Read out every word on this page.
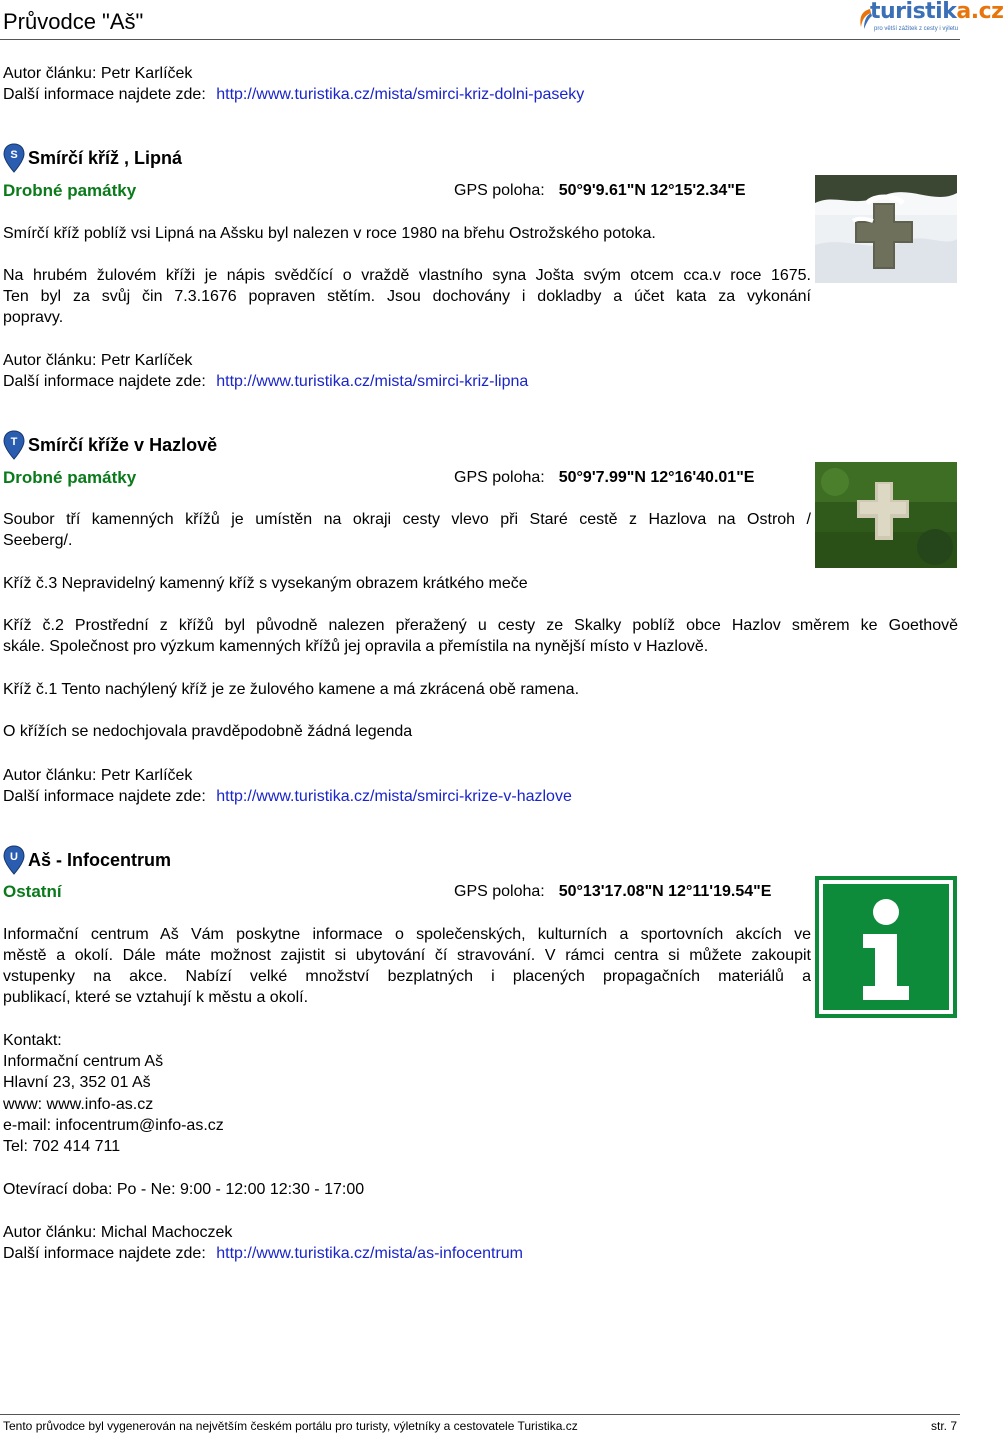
Průvodce "Aš"	turistika.cz
pro větší zážitek z cesty i výletu
Autor článku: Petr Karlíček
Další informace najdete zde: http://www.turistika.cz/mista/smirci-kriz-dolni-paseky
S Smírčí kříž , Lipná
Drobné památky	GPS poloha: 50°9'9.61"N 12°15'2.34"E
Smírčí kříž poblíž vsi Lipná na Ašsku byl nalezen v roce 1980 na břehu Ostrožského potoka.
Na hrubém žulovém kříži je nápis svědčící o vraždě vlastního syna Jošta svým otcem cca.v roce 1675.
Ten byl za svůj čin 7.3.1676 popraven stětím. Jsou dochovány i dokladby a účet kata za vykonání
popravy.
Autor článku: Petr Karlíček
Další informace najdete zde: http://www.turistika.cz/mista/smirci-kriz-lipna
T Smírčí kříže v Hazlově
Drobné památky	GPS poloha: 50°9'7.99"N 12°16'40.01"E
Soubor tří kamenných křížů je umístěn na okraji cesty vlevo při Staré cestě z Hazlova na Ostroh /
Seeberg/.
Kříž č.3 Nepravidelný kamenný kříž s vysekaným obrazem krátkého meče
Kříž č.2 Prostřední z křížů byl původně nalezen přeražený u cesty ze Skalky poblíž obce Hazlov směrem ke Goethově
skále. Společnost pro výzkum kamenných křížů jej opravila a přemístila na nynější místo v Hazlově.
Kříž č.1 Tento nachýlený kříž je ze žulového kamene a má zkrácená obě ramena.
O křížích se nedochjovala pravděpodobně žádná legenda
Autor článku: Petr Karlíček
Další informace najdete zde: http://www.turistika.cz/mista/smirci-krize-v-hazlove
U Aš - Infocentrum
Ostatní	GPS poloha: 50°13'17.08"N 12°11'19.54"E
Informační centrum Aš Vám poskytne informace o společenských, kulturních a sportovních akcích ve
městě a okolí. Dále máte možnost zajistit si ubytování čí stravování. V rámci centra si můžete zakoupit
vstupenky na akce. Nabízí velké množství bezplatných i placených propagačních materiálů a
publikací, které se vztahují k městu a okolí.
Kontakt:
Informační centrum Aš
Hlavní 23, 352 01 Aš
www: www.info-as.cz
e-mail: infocentrum@info-as.cz
Tel: 702 414 711
Otevírací doba: Po - Ne: 9:00 - 12:00 12:30 - 17:00
Autor článku: Michal Machoczek
Další informace najdete zde: http://www.turistika.cz/mista/as-infocentrum
Tento průvodce byl vygenerován na největším českém portálu pro turisty, výletníky a cestovatele Turistika.cz	str. 7
